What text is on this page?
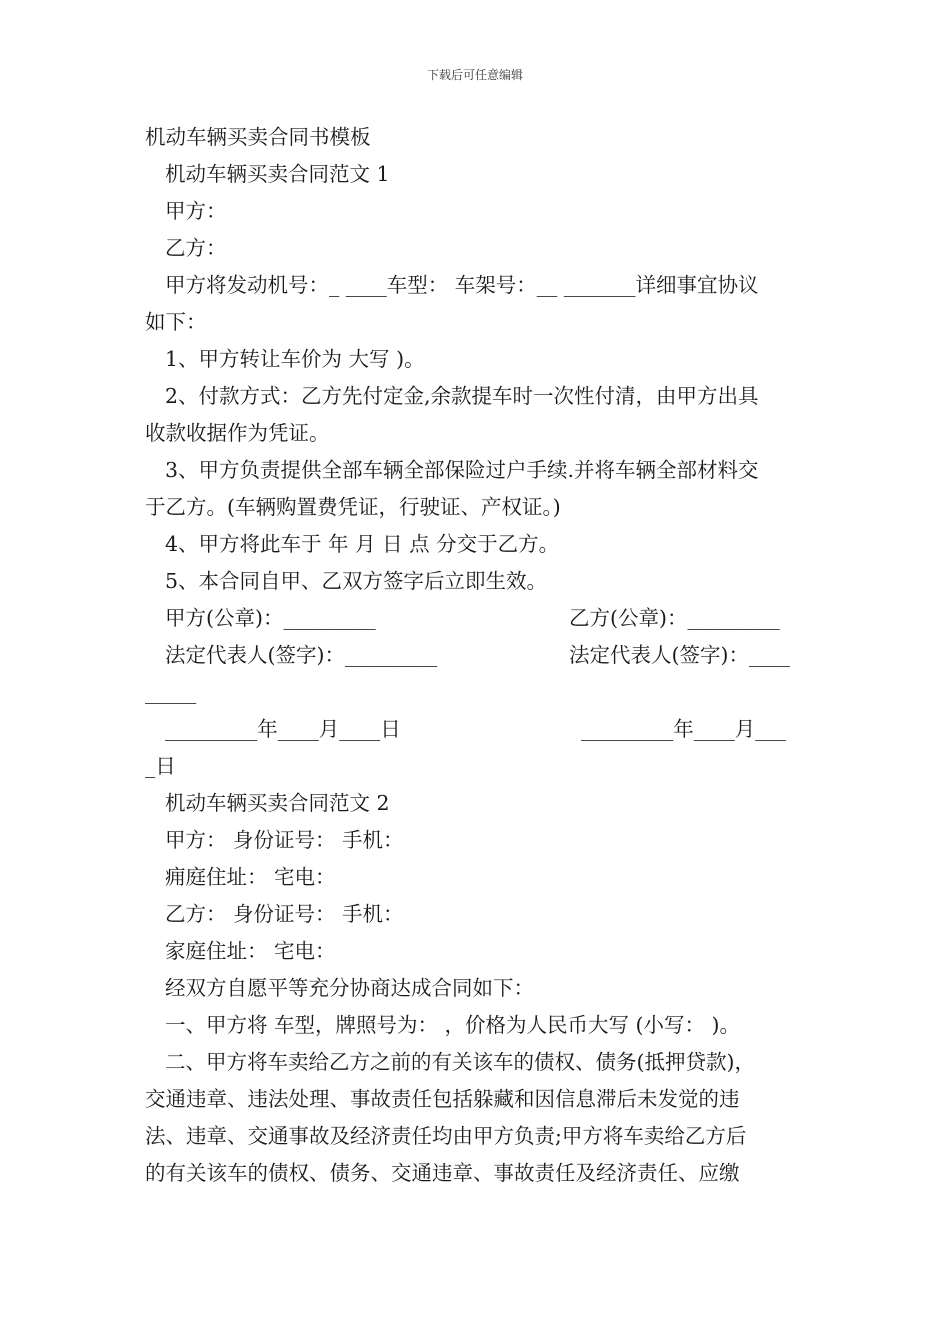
下载后可任意编辑
机动车辆买卖合同书模板
机动车辆买卖合同范文 1
甲方：
乙方：
甲方将发动机号：_ ____车型： 车架号：__ _______详细事宜协议
如下：
1、甲方转让车价为 大写 )。
2、付款方式：乙方先付定金,余款提车时一次性付清，由甲方出具
收款收据作为凭证。
3、甲方负责提供全部车辆全部保险过户手续.并将车辆全部材料交
于乙方。(车辆购置费凭证，行驶证、产权证。)
4、甲方将此车于 年 月 日 点 分交于乙方。
5、本合同自甲、乙双方签字后立即生效。
甲方(公章)：_________	乙方(公章)：_________
法定代表人(签字)：_________	法定代表人(签字)：____
_____
_________年____月____日	_________年____月___
_日
机动车辆买卖合同范文 2
甲方： 身份证号： 手机：
痈庭住址： 宅电：
乙方： 身份证号： 手机：
家庭住址： 宅电：
经双方自愿平等充分协商达成合同如下：
一、甲方将 车型，牌照号为： ，价格为人民币大写 (小写： )。
二、甲方将车卖给乙方之前的有关该车的债权、债务(抵押贷款)，
交通违章、违法处理、事故责任包括躲藏和因信息滞后未发觉的违
法、违章、交通事故及经济责任均由甲方负责;甲方将车卖给乙方后
的有关该车的债权、债务、交通违章、事故责任及经济责任、应缴
